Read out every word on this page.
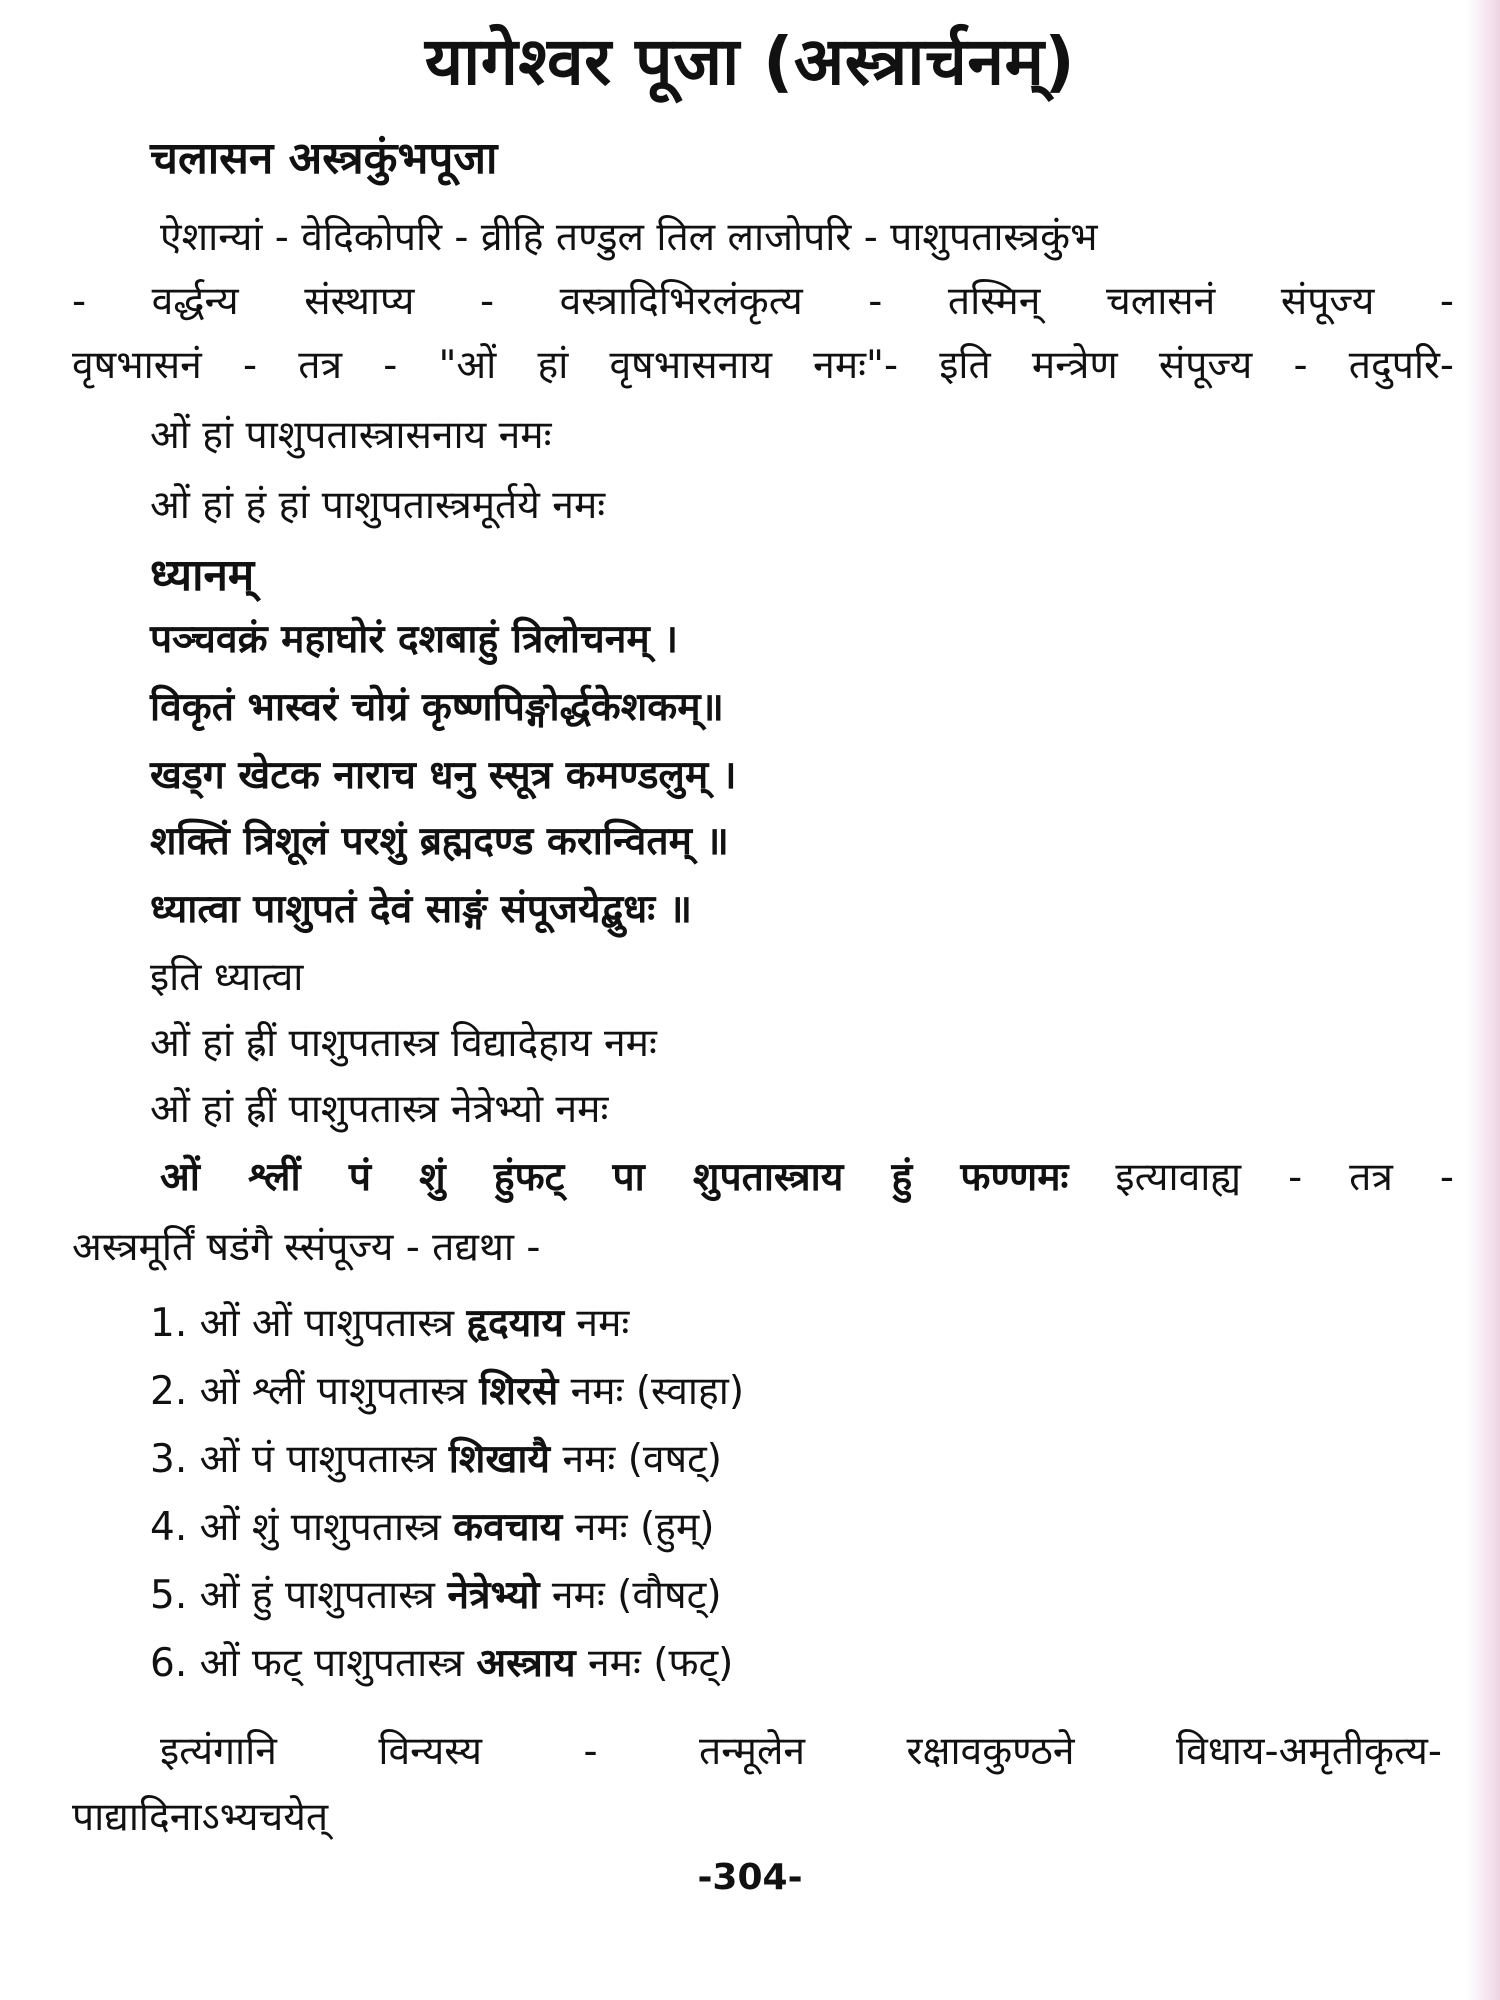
यागेश्वर पूजा (अस्त्रार्चनम्)
चलासन अस्त्रकुंभपूजा
ऐशान्यां - वेदिकोपरि - व्रीहि तण्डुल तिल लाजोपरि - पाशुपतास्त्रकुंभ
- वर्द्धन्य संस्थाप्य - वस्त्रादिभिरलंकृत्य - तस्मिन् चलासनं संपूज्य -
वृषभासनं - तत्र - "ओं हां वृषभासनाय नमः"- इति मन्त्रेण संपूज्य - तदुपरि-
ओं हां पाशुपतास्त्रासनाय नमः
ओं हां हं हां पाशुपतास्त्रमूर्तये नमः
ध्यानम्
पञ्चवक्रं महाघोरं दशबाहुं त्रिलोचनम् ।
विकृतं भास्वरं चोग्रं कृष्णपिङ्गोर्द्धकेशकम्॥
खड्ग खेटक नाराच धनु स्सूत्र कमण्डलुम् ।
शक्तिं त्रिशूलं परशुं ब्रह्मदण्ड करान्वितम् ॥
ध्यात्वा पाशुपतं देवं साङ्गं संपूजयेद्बुधः ॥
इति ध्यात्वा
ओं हां ह्रीं पाशुपतास्त्र विद्यादेहाय नमः
ओं हां ह्रीं पाशुपतास्त्र नेत्रेभ्यो नमः
ओं श्लीं पं शुं हुंफट् पा शुपतास्त्राय हुं फण्णमः इत्यावाह्य - तत्र -
अस्त्रमूर्तिं षडंगै स्संपूज्य - तद्यथा -
1. ओं ओं पाशुपतास्त्र हृदयाय नमः
2. ओं श्लीं पाशुपतास्त्र शिरसे नमः (स्वाहा)
3. ओं पं पाशुपतास्त्र शिखायै नमः (वषट्)
4. ओं शुं पाशुपतास्त्र कवचाय नमः (हुम्)
5. ओं हुं पाशुपतास्त्र नेत्रेभ्यो नमः (वौषट्)
6. ओं फट् पाशुपतास्त्र अस्त्राय नमः (फट्)
इत्यंगानि विन्यस्य - तन्मूलेन रक्षावकुण्ठने विधाय-अमृतीकृत्य-
पाद्यादिनाऽभ्यचयेत्
-304-
